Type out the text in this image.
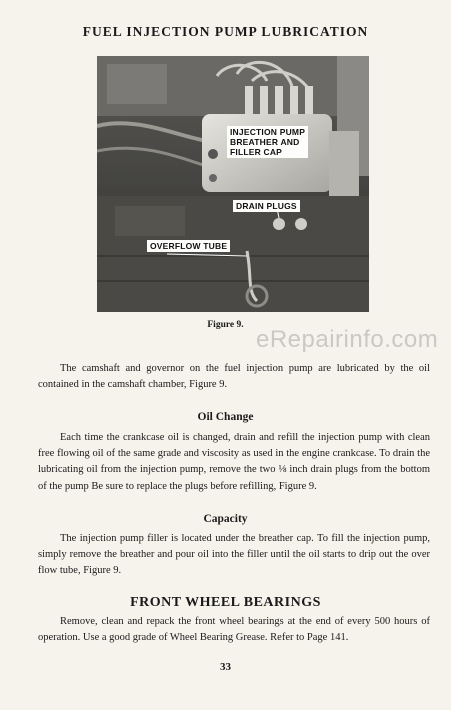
FUEL INJECTION PUMP LUBRICATION
INJECTION PUMP
BREATHER AND
FILLER CAP
DRAIN PLUGS
OVERFLOW TUBE
Figure 9.
eRepairinfo.com
The camshaft and governor on the fuel injection pump are lubricated by the oil contained in the camshaft chamber, Figure 9.
Oil Change
Each time the crankcase oil is changed, drain and refill the injection pump with clean free flowing oil of the same grade and viscosity as used in the engine crankcase. To drain the lubricating oil from the injection pump, remove the two ⅛ inch drain plugs from the bottom of the pump Be sure to replace the plugs before refilling, Figure 9.
Capacity
The injection pump filler is located under the breather cap. To fill the injection pump, simply remove the breather and pour oil into the filler until the oil starts to drip out the over flow tube, Figure 9.
FRONT WHEEL BEARINGS
Remove, clean and repack the front wheel bearings at the end of every 500 hours of operation. Use a good grade of Wheel Bearing Grease. Refer to Page 141.
33
